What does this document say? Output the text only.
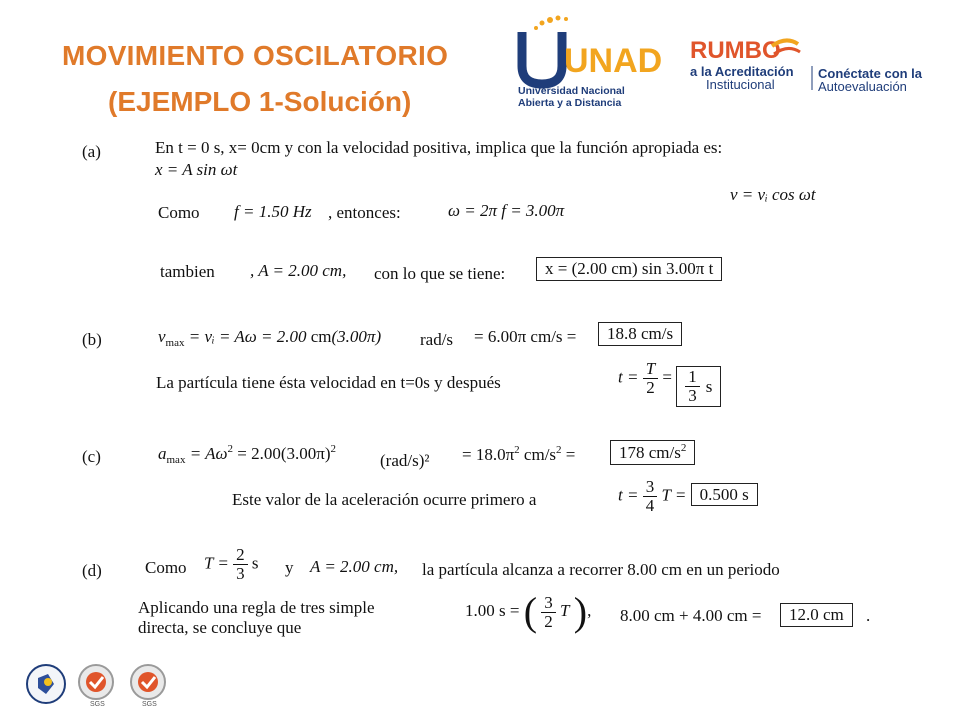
MOVIMIENTO OSCILATORIO
(EJEMPLO 1-Solución)
UNAD
Universidad Nacional
Abierta y a Distancia
RUMBO
a la Acreditación
Institucional
Conéctate con la
Autoevaluación
(a)	En t = 0 s, x= 0cm y con la velocidad positiva, implica que la función apropiada es:
x = A sin ωt
v = vᵢ cos ωt
Como f = 1.50 Hz , entonces:	ω = 2π f = 3.00π
tambien , A = 2.00 cm, con lo que se tiene:	x = (2.00 cm) sin 3.00π t
(b)	$v_{max}$ = vᵢ = Aω = 2.00 cm(3.00π) rad/s = 6.00π cm/s =	18.8 cm/s
La partícula tiene ésta velocidad en t=0s y después	$t = \frac{T}{2} = \frac{1}{3}$ s
(c)	$a_{max} = A\omega^2 = 2.00(3.00\pi)^2$
$(rad/s)^2 = 18.0\pi^2$ $cm/s^2$ =	178 $cm/s^2$
Este valor de la aceleración ocurre primero a	$t = \frac{3}{4}$ T = 0.500 s
(d)	Como $T = \frac{2}{3}$ s y A = 2.00 cm, la partícula alcanza a recorrer 8.00 cm en un periodo
Aplicando una regla de tres simple
directa, se concluye que
1.00 s = ( $\frac{3}{2}$ T ), 8.00 cm + 4.00 cm =	12.0 cm	.
SGS	SGS
